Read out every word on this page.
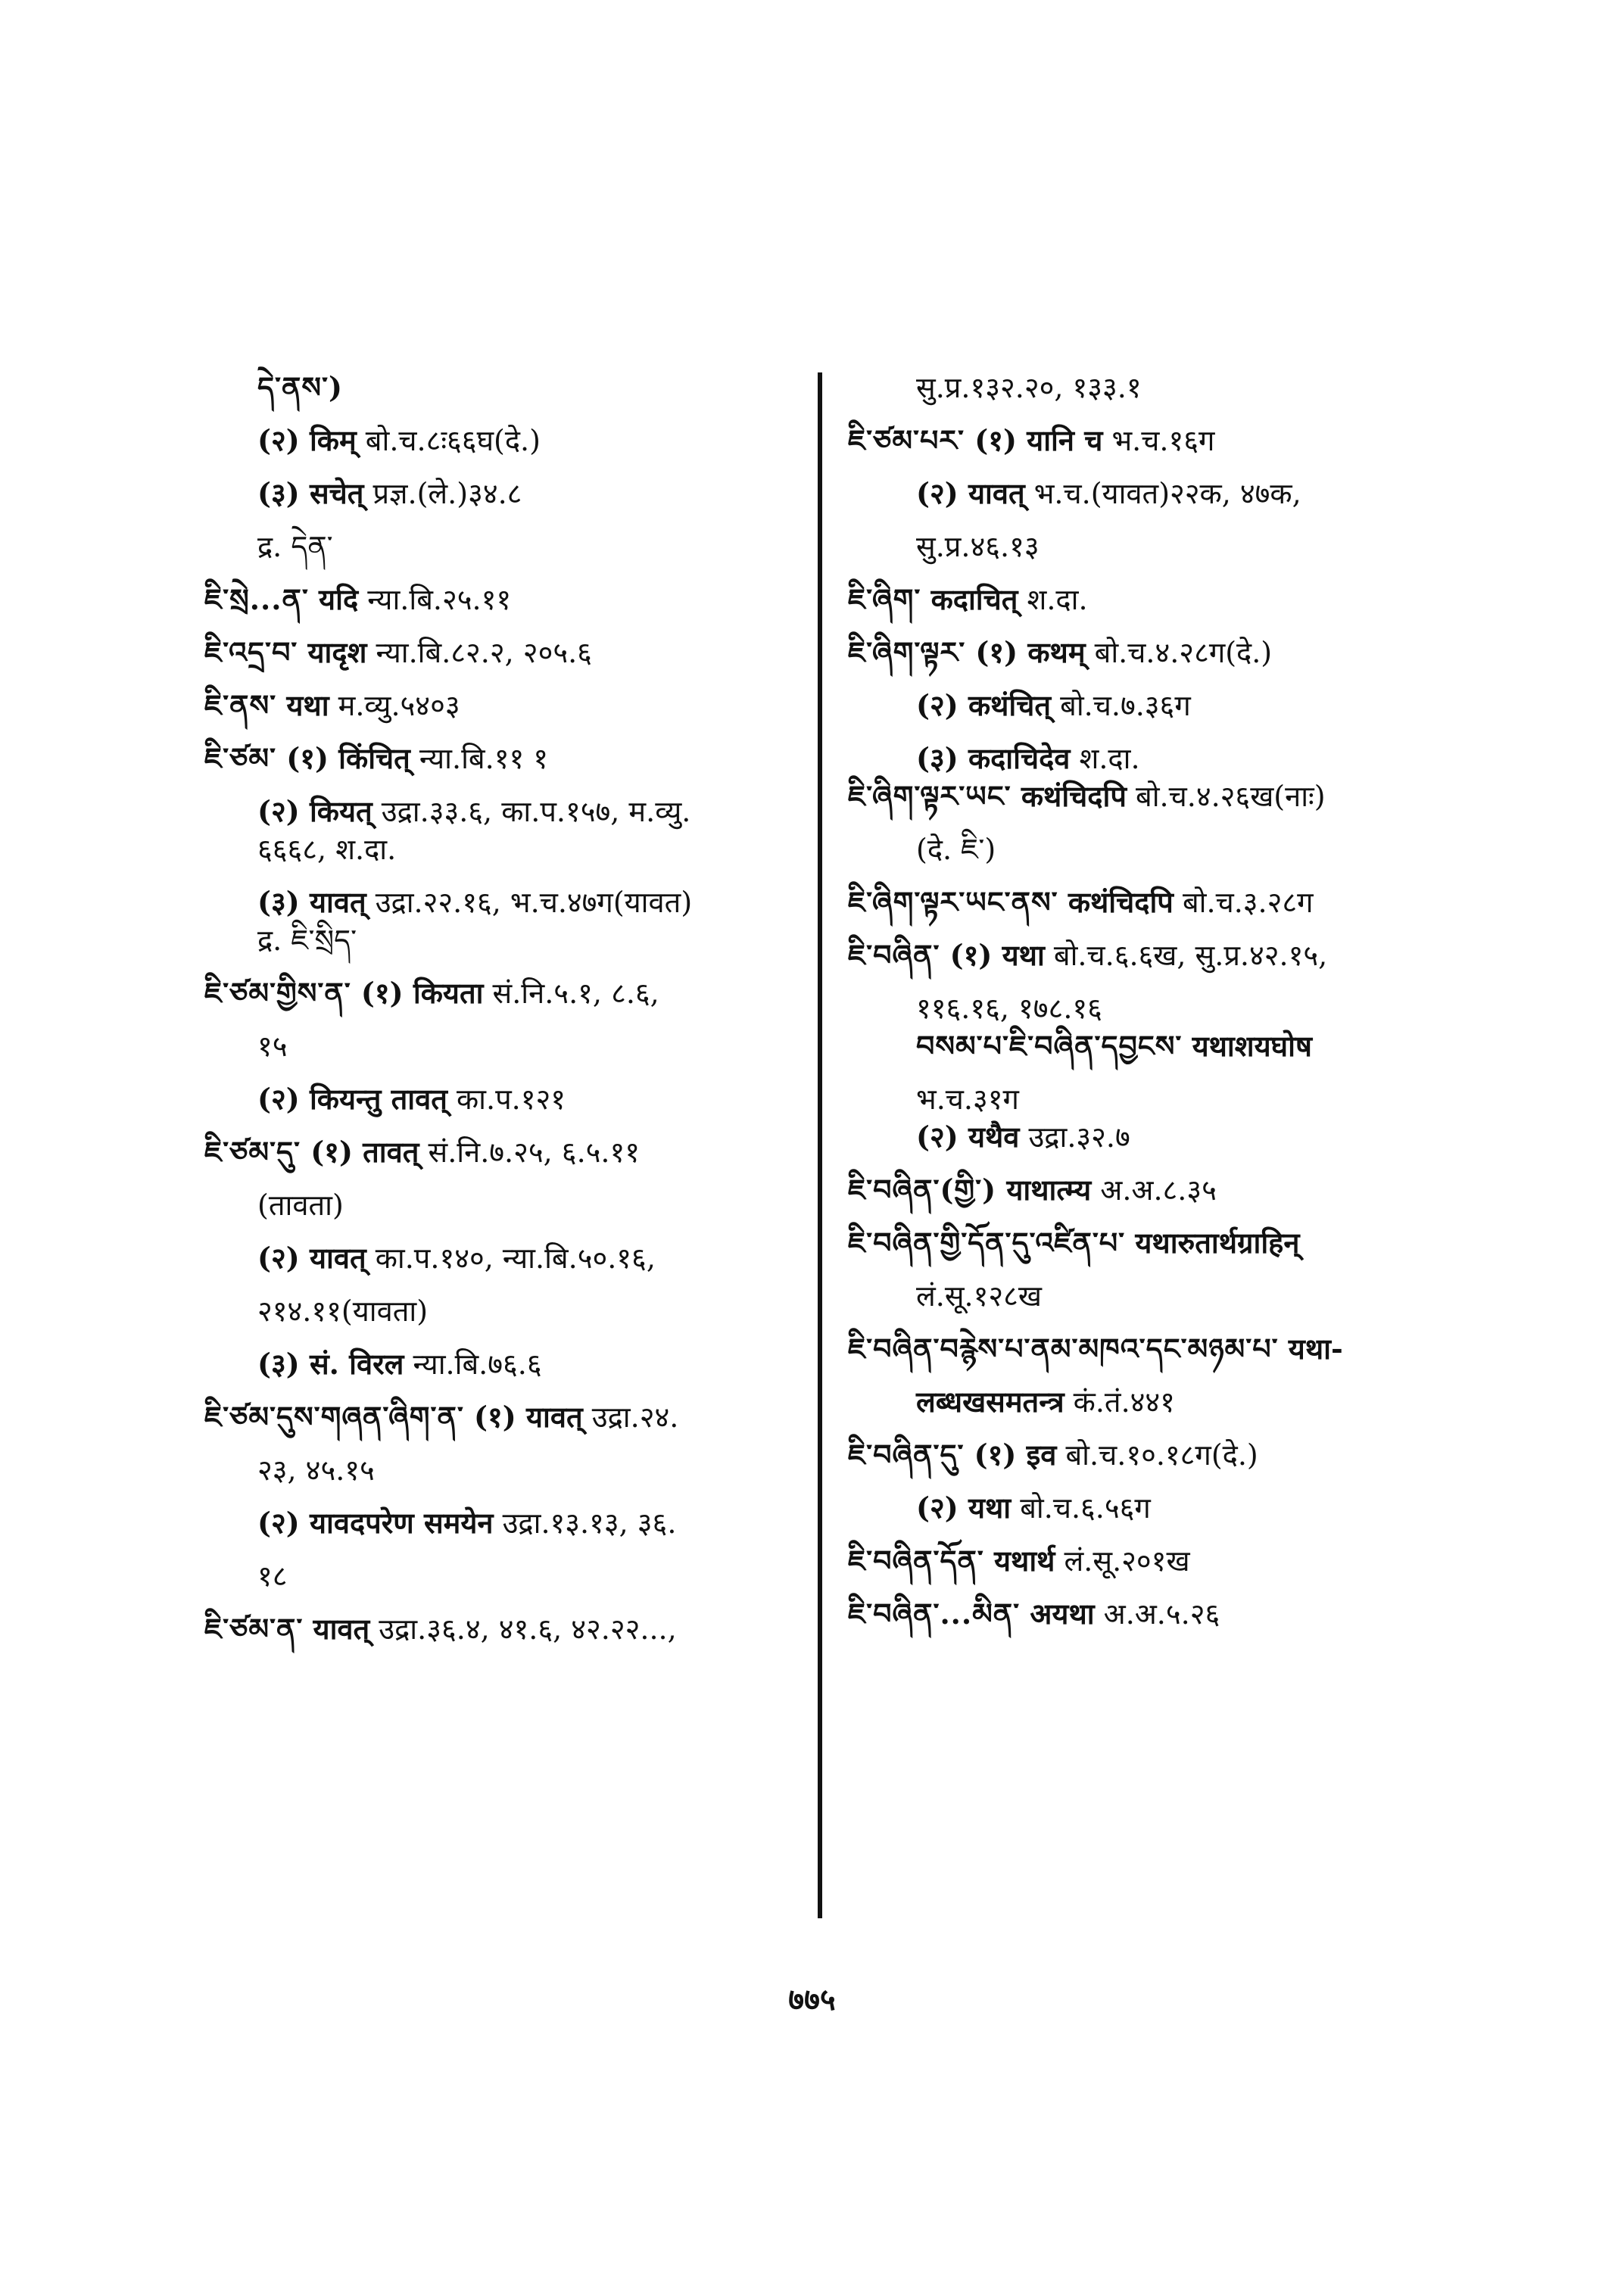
དེ་ནས་)

(२) किम् बो.च.८ः६६घ(दे.)

(३) सचेत् प्रज्ञ.(ले.)३४.८

द्र. དེན་

ཇི་སྲེ...ན་ यदि न्या.बि.२५.११

ཇི་འདྲ་བ་ यादृश न्या.बि.८२.२, २०५.६

ཇི་ནས་ यथा म.व्यु.५४०३

ཇི་ཙམ་ (१) किंचित् न्या.बि.११ १

(२) कियत् उद्रा.३३.६, का.प.१५७, म.व्यु.

६६६८, श.दा.

(३) यावत् उद्रा.२२.१६, भ.च.४७ग(यावत)

द्र. ཇི་སྲིད་

ཇི་ཙམ་གྱིས་ན་ (१) कियता सं.नि.५.१, ८.६,

१५

(२) कियन्तु तावत् का.प.१२१

ཇི་ཙམ་དུ་ (१) तावत् सं.नि.७.२५, ६.५.११

(तावता)

(२) यावत् का.प.१४०, न्या.बि.५०.१६,

२१४.११(यावता)

(३) सं. विरल न्या.बि.७६.६

ཇི་ཙམ་དུས་གཞན་ཞིག་ན་ (१) यावत् उद्रा.२४.

२३, ४५.१५

(२) यावदपरेण समयेन उद्रा.१३.१३, ३६.

१८

ཇི་ཙམ་ན་ यावत् उद्रा.३६.४, ४१.६, ४२.२२...,

सु.प्र.१३२.२०, १३३.१

ཇི་ཙམ་པར་ (१) यानि च भ.च.१६ग

(२) यावत् भ.च.(यावत)२२क, ४७क,

सु.प्र.४६.१३

ཇི་ཞིག་ कदाचित् श.दा.

ཇི་ཞིག་ལྟར་ (१) कथम् बो.च.४.२८ग(दे.)

(२) कथंचित् बो.च.७.३६ग

(३) कदाचिदेव श.दा.

ཇི་ཞིག་ལྟར་ཡང་ कथंचिदपि बो.च.४.२६ख(नाः)

(दे. ཇི་)

ཇི་ཞིག་ལྟར་ཡང་ནས་ कथंचिदपि बो.च.३.२८ग

ཇི་བཞིན་ (१) यथा बो.च.६.६ख, सु.प्र.४२.१५,

११६.१६, १७८.१६

བསམ་པ་ཇི་བཞིན་དབྱངས་ यथाशयघोष

भ.च.३१ग

(२) यथैव उद्रा.३२.७

ཇི་བཞིན་(གྱི་) याथात्म्य अ.अ.८.३५

ཇི་བཞིན་གྱི་དོན་དུ་འཛིན་པ་ यथारुतार्थग्राहिन्

लं.सू.१२८ख

ཇི་བཞིན་བརྙེས་པ་ནམ་མཁའ་དང་མཉམ་པ་ यथा-

लब्धखसमतन्त्र कं.तं.४४१

ཇི་བཞིན་དུ་ (१) इव बो.च.१०.१८ग(दे.)

(२) यथा बो.च.६.५६ग

ཇི་བཞིན་དོན་ यथार्थ लं.सू.२०१ख

ཇི་བཞིན་...མིན་ अयथा अ.अ.५.२६

७७५
